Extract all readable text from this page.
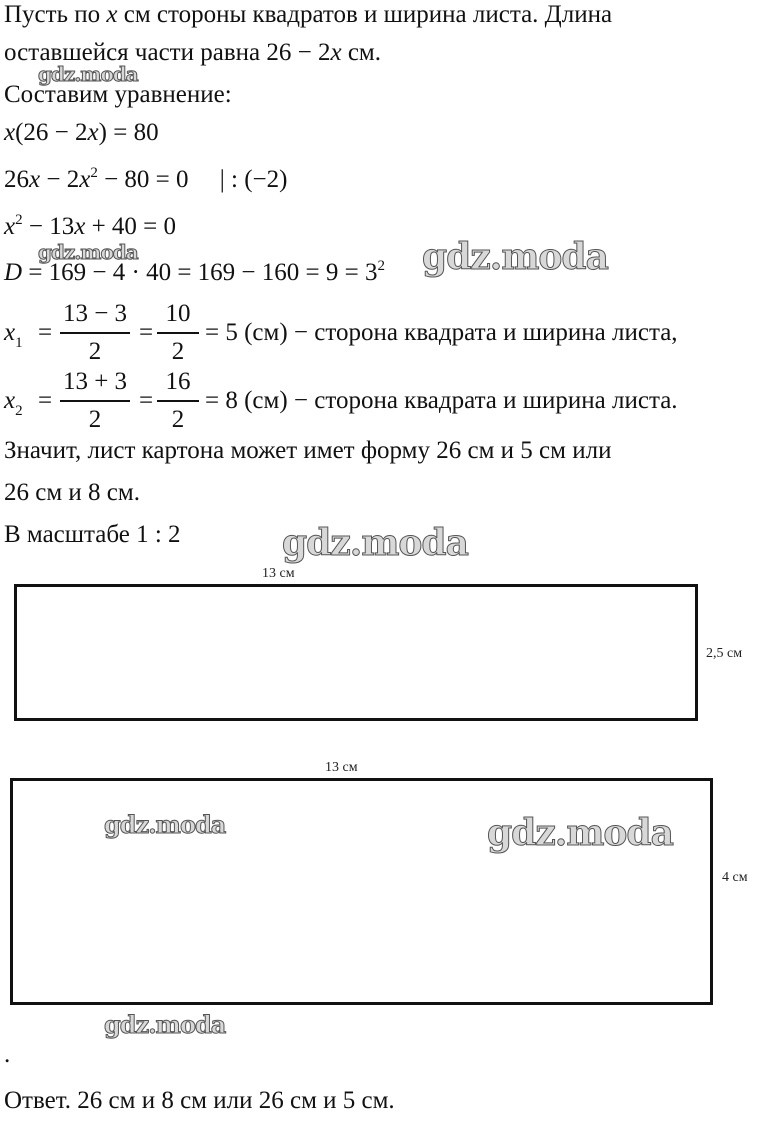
Пусть по x см стороны квадратов и ширина листа. Длина
оставшейся части равна 26 − 2x см.
Составим уравнение:
x(26 − 2x) = 80
$26x - 2x^2 - 80 = 0$     | : (−2)
$x^2 - 13x + 40 = 0$
$D = 169 - 4 \cdot 40 = 169 - 160 = 9 = 3^2$
$x_1$ =
13 − 3
2
=
10
2
= 5 (см) − сторона квадрата и ширина листа,
$x_2$ =
13 + 3
2
=
16
2
= 8 (см) − сторона квадрата и ширина листа.
Значит, лист картона может имет форму 26 см и 5 см или
26 см и 8 см.
В масштабе 1 : 2
13 см
2,5 см
13 см
4 см
.
Ответ. 26 см и 8 см или 26 см и 5 см.
gdz.moda
gdz.moda	gdz.moda
gdz.moda
gdz.moda	gdz.moda
gdz.moda
